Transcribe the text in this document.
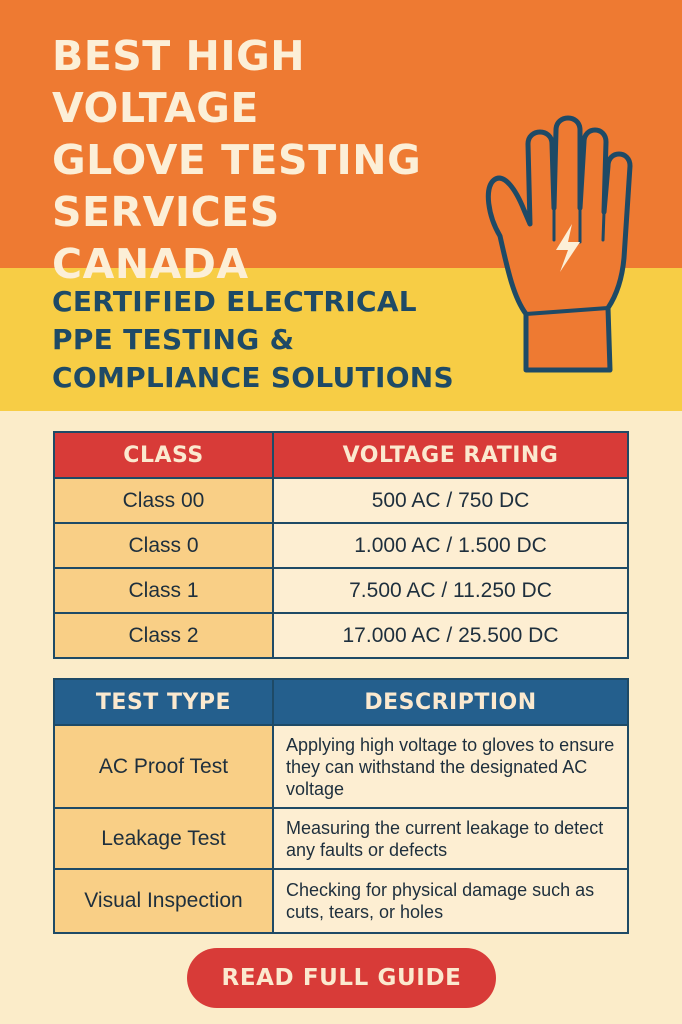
BEST HIGH VOLTAGE
GLOVE TESTING
SERVICES
CANADA
CERTIFIED ELECTRICAL
PPE TESTING &
COMPLIANCE SOLUTIONS
CLASS	VOLTAGE RATING
Class 00	500 AC / 750 DC
Class 0	1.000 AC / 1.500 DC
Class 1	7.500 AC / 11.250 DC
Class 2	17.000 AC / 25.500 DC
TEST TYPE	DESCRIPTION
AC Proof Test	Applying high voltage to gloves to ensure they can withstand the designated AC voltage
Leakage Test	Measuring the current leakage to detect any faults or defects
Visual Inspection	Checking for physical damage such as cuts, tears, or holes
READ FULL GUIDE
